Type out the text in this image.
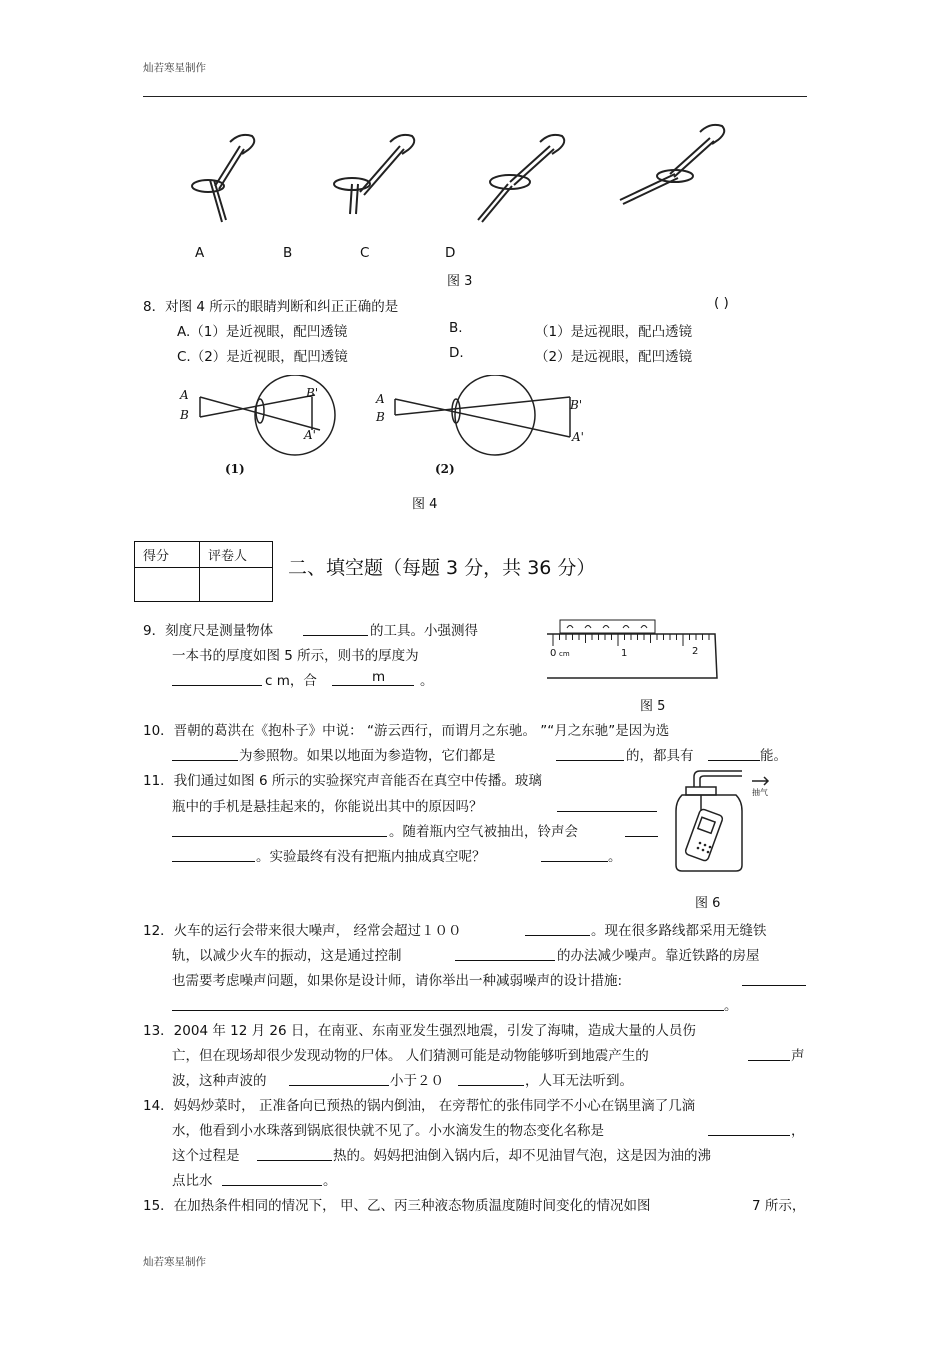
灿若寒星制作
A	B	C	D
图 3
8．对图 4 所示的眼睛判断和纠正正确的是	( )
A.（1）是近视眼，配凹透镜	B.	（1）是远视眼，配凸透镜
C.（2）是近视眼，配凹透镜	D.	（2）是远视眼，配凹透镜
A
B
B'
A'
A
B
B'
A'
(1)	(2)
图 4
得分	评卷人

二、填空题（每题 3 分，共 36 分）
9．刻度尺是测量物体	的工具。小强测得
一本书的厚度如图 5 所示，则书的厚度为
c m，合	m	。
0 cm	1	2
图 5
10．晋朝的葛洪在《抱朴子》中说： “游云西行，而谓月之东驰。 ”“月之东驰”是因为选
为参照物。如果以地面为参造物，它们都是	的，都具有	能。
11．我们通过如图 6 所示的实验探究声音能否在真空中传播。玻璃
瓶中的手机是悬挂起来的，你能说出其中的原因吗？
。随着瓶内空气被抽出，铃声会
。实验最终有没有把瓶内抽成真空呢？	。
抽气
图 6
12．火车的运行会带来很大噪声， 经常会超过１００	。现在很多路线都采用无缝铁
轨，以减少火车的振动，这是通过控制	的办法减少噪声。靠近铁路的房屋
也需要考虑噪声问题，如果你是设计师，请你举出一种减弱噪声的设计措施:
。
13．2004 年 12 月 26 日，在南亚、东南亚发生强烈地震，引发了海啸，造成大量的人员伤
亡，但在现场却很少发现动物的尸体。 人们猜测可能是动物能够听到地震产生的	声
波，这种声波的	小于２０	，人耳无法听到。
14．妈妈炒菜时， 正准备向已预热的锅内倒油， 在旁帮忙的张伟同学不小心在锅里滴了几滴
水，他看到小水珠落到锅底很快就不见了。小水滴发生的物态变化名称是	，
这个过程是	热的。妈妈把油倒入锅内后，却不见油冒气泡，这是因为油的沸
点比水	。
15．在加热条件相同的情况下， 甲、乙、丙三种液态物质温度随时间变化的情况如图	7 所示，
灿若寒星制作
